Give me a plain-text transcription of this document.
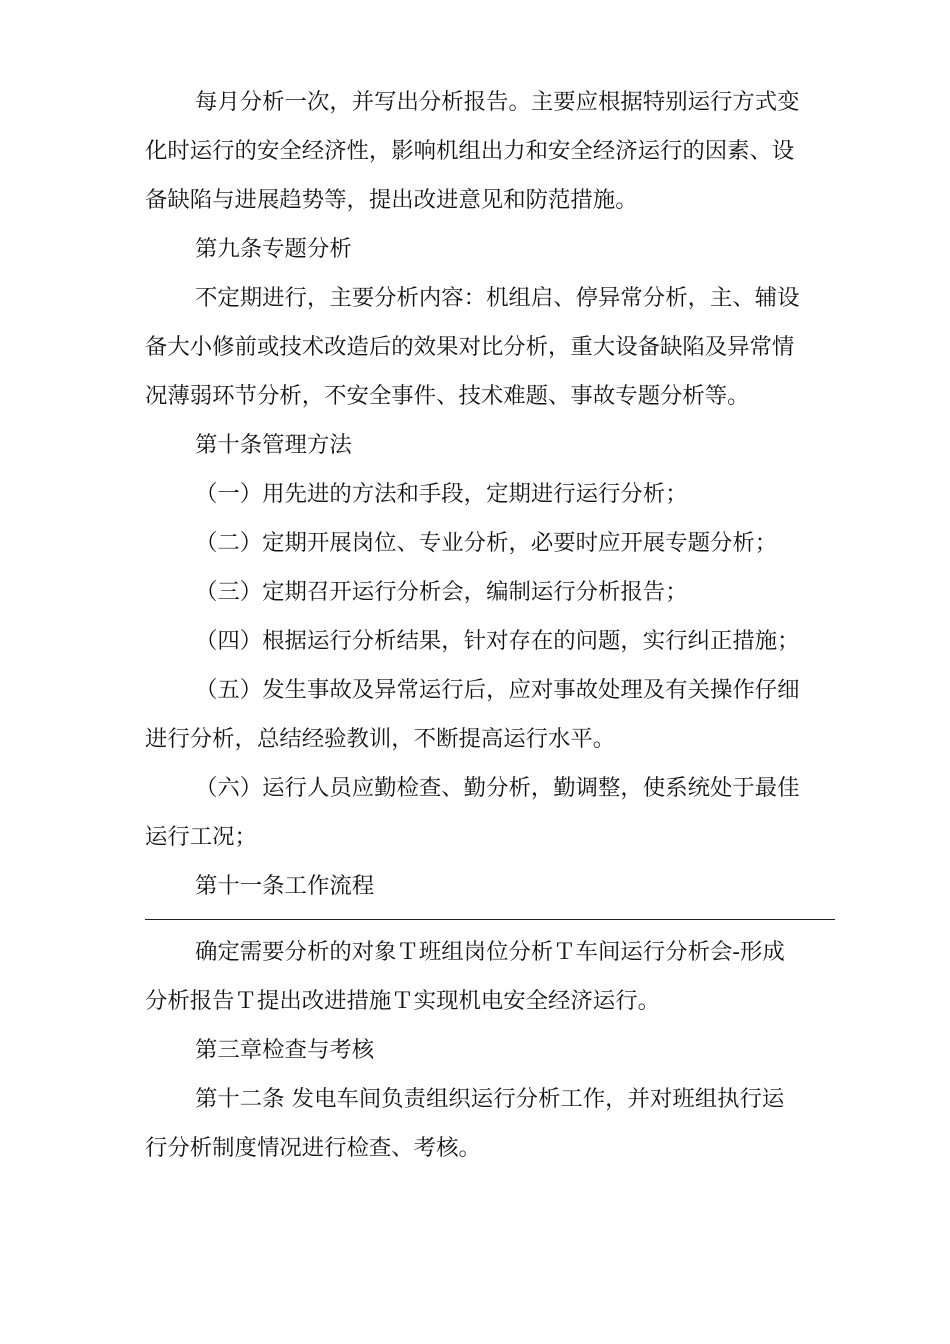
每月分析一次，并写出分析报告。主要应根据特别运行方式变
化时运行的安全经济性，影响机组出力和安全经济运行的因素、设
备缺陷与进展趋势等，提出改进意见和防范措施。

第九条专题分析

不定期进行，主要分析内容：机组启、停异常分析，主、辅设
备大小修前或技术改造后的效果对比分析，重大设备缺陷及异常情
况薄弱环节分析，不安全事件、技术难题、事故专题分析等。

第十条管理方法

（一）用先进的方法和手段，定期进行运行分析；

（二）定期开展岗位、专业分析，必要时应开展专题分析；

（三）定期召开运行分析会，编制运行分析报告；

（四）根据运行分析结果，针对存在的问题，实行纠正措施；

（五）发生事故及异常运行后，应对事故处理及有关操作仔细
进行分析，总结经验教训，不断提高运行水平。

（六）运行人员应勤检查、勤分析，勤调整，使系统处于最佳
运行工况；

第十一条工作流程

确定需要分析的对象Ｔ班组岗位分析Ｔ车间运行分析会-形成
分析报告Ｔ提出改进措施Ｔ实现机电安全经济运行。

第三章检查与考核

第十二条 发电车间负责组织运行分析工作，并对班组执行运
行分析制度情况进行检查、考核。
